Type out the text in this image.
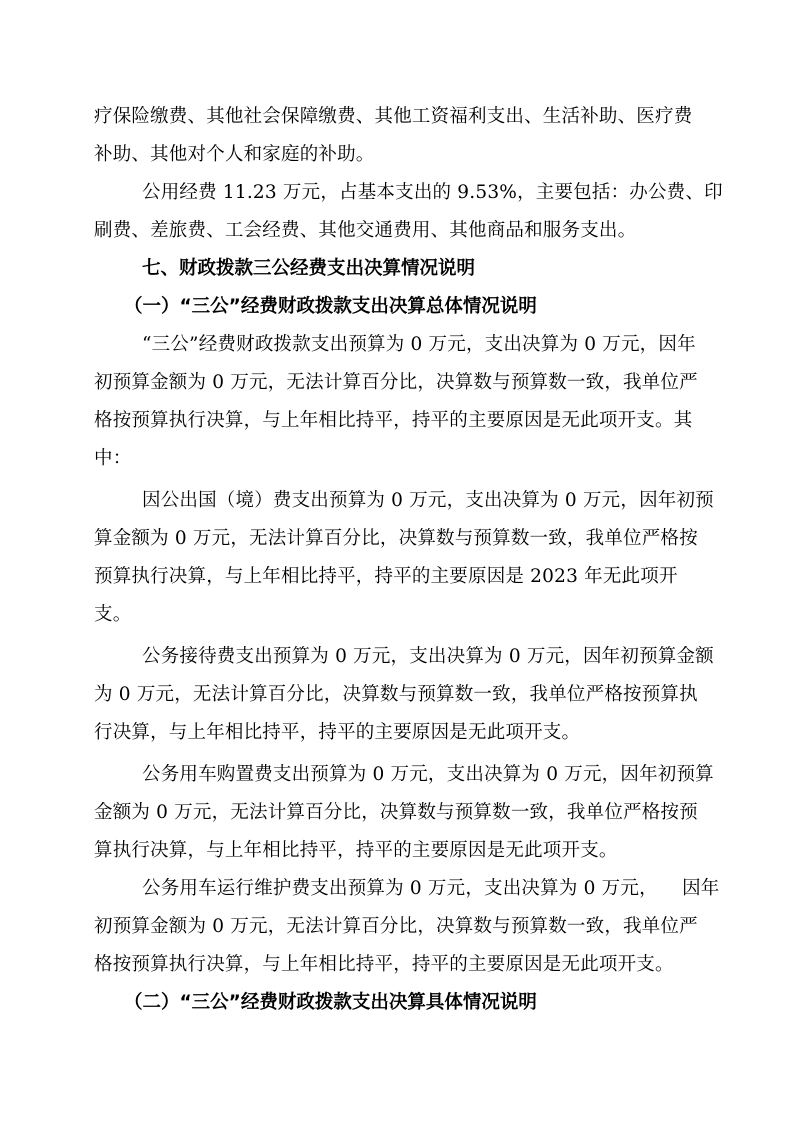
疗保险缴费、其他社会保障缴费、其他工资福利支出、生活补助、医疗费

补助、其他对个人和家庭的补助。

公用经费 11.23 万元，占基本支出的 9.53%，主要包括：办公费、印

刷费、差旅费、工会经费、其他交通费用、其他商品和服务支出。

七、财政拨款三公经费支出决算情况说明

（一）“三公”经费财政拨款支出决算总体情况说明

“三公”经费财政拨款支出预算为 0 万元，支出决算为 0 万元，因年

初预算金额为 0 万元，无法计算百分比，决算数与预算数一致，我单位严

格按预算执行决算，与上年相比持平，持平的主要原因是无此项开支。其

中：

因公出国（境）费支出预算为 0 万元，支出决算为 0 万元，因年初预

算金额为 0 万元，无法计算百分比，决算数与预算数一致，我单位严格按

预算执行决算，与上年相比持平，持平的主要原因是 2023 年无此项开

支。

公务接待费支出预算为 0 万元，支出决算为 0 万元，因年初预算金额

为 0 万元，无法计算百分比，决算数与预算数一致，我单位严格按预算执

行决算，与上年相比持平，持平的主要原因是无此项开支。

公务用车购置费支出预算为 0 万元，支出决算为 0 万元，因年初预算

金额为 0 万元，无法计算百分比，决算数与预算数一致，我单位严格按预

算执行决算，与上年相比持平，持平的主要原因是无此项开支。

公务用车运行维护费支出预算为 0 万元，支出决算为 0 万元，    因年

初预算金额为 0 万元，无法计算百分比，决算数与预算数一致，我单位严

格按预算执行决算，与上年相比持平，持平的主要原因是无此项开支。

（二）“三公”经费财政拨款支出决算具体情况说明
